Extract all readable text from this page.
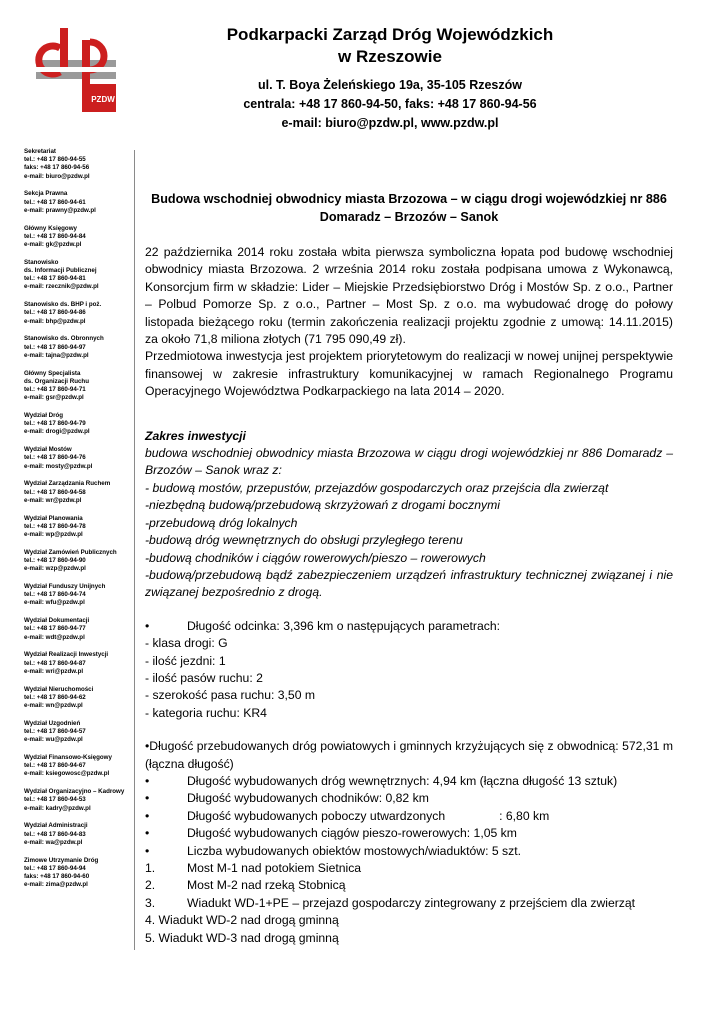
PZDW
Podkarpacki Zarząd Dróg Wojewódzkich
w Rzeszowie
ul. T. Boya Żeleńskiego 19a, 35-105 Rzeszów
centrala: +48 17 860-94-50, faks: +48 17 860-94-56
e-mail: biuro@pzdw.pl, www.pzdw.pl
Sekretariat
tel.: +48 17 860-94-55
faks: +48 17 860-94-56
e-mail: biuro@pzdw.pl
Sekcja Prawna
tel.: +48 17 860-94-61
e-mail: prawny@pzdw.pl
Główny Księgowy
tel.: +48 17 860-94-84
e-mail: gk@pzdw.pl
Stanowisko
ds. Informacji Publicznej
tel.: +48 17 860-94-81
e-mail: rzecznik@pzdw.pl
Stanowisko ds. BHP i poż.
tel.: +48 17 860-94-86
e-mail: bhp@pzdw.pl
Stanowisko ds. Obronnych
tel.: +48 17 860-94-97
e-mail: tajna@pzdw.pl
Główny Specjalista
ds. Organizacji Ruchu
tel.: +48 17 860-94-71
e-mail: gsr@pzdw.pl
Wydział Dróg
tel.: +48 17 860-94-79
e-mail: drogi@pzdw.pl
Wydział Mostów
tel.: +48 17 860-94-76
e-mail: mosty@pzdw.pl
Wydział Zarządzania Ruchem
tel.: +48 17 860-94-58
e-mail: wr@pzdw.pl
Wydział Planowania
tel.: +48 17 860-94-78
e-mail: wp@pzdw.pl
Wydział Zamówień Publicznych
tel.: +48 17 860-94-90
e-mail: wzp@pzdw.pl
Wydział Funduszy Unijnych
tel.: +48 17 860-94-74
e-mail: wfu@pzdw.pl
Wydział Dokumentacji
tel.: +48 17 860-94-77
e-mail: wdt@pzdw.pl
Wydział Realizacji Inwestycji
tel.: +48 17 860-94-87
e-mail: wri@pzdw.pl
Wydział Nieruchomości
tel.: +48 17 860-94-62
e-mail: wn@pzdw.pl
Wydział Uzgodnień
tel.: +48 17 860-94-57
e-mail: wu@pzdw.pl
Wydział Finansowo-Księgowy
tel.: +48 17 860-94-67
e-mail: ksiegowosc@pzdw.pl
Wydział Organizacyjno – Kadrowy
tel.: +48 17 860-94-53
e-mail: kadry@pzdw.pl
Wydział Administracji
tel.: +48 17 860-94-83
e-mail: wa@pzdw.pl
Zimowe Utrzymanie Dróg
tel.: +48 17 860-94-94
faks: +48 17 860-94-60
e-mail: zima@pzdw.pl
Budowa wschodniej obwodnicy miasta Brzozowa – w ciągu drogi wojewódzkiej nr 886 Domaradz – Brzozów – Sanok

22 października 2014 roku została wbita pierwsza symboliczna łopata pod budowę wschodniej obwodnicy miasta Brzozowa. 2 września 2014 roku została podpisana umowa z Wykonawcą, Konsorcjum firm w składzie: Lider – Miejskie Przedsiębiorstwo Dróg i Mostów Sp. z o.o., Partner – Polbud Pomorze Sp. z o.o., Partner – Most Sp. z o.o. ma wybudować drogę do połowy listopada bieżącego roku (termin zakończenia realizacji projektu zgodnie z umową: 14.11.2015) za około 71,8 miliona złotych (71 795 090,49 zł).

Przedmiotowa inwestycja jest projektem priorytetowym do realizacji w nowej unijnej perspektywie finansowej w zakresie infrastruktury komunikacyjnej w ramach Regionalnego Programu Operacyjnego Województwa Podkarpackiego na lata 2014 – 2020.

Zakres inwestycji
budowa wschodniej obwodnicy miasta Brzozowa w ciągu drogi wojewódzkiej nr 886 Domaradz – Brzozów – Sanok wraz z:
- budową mostów, przepustów, przejazdów gospodarczych oraz przejścia dla zwierząt
-niezbędną budową/przebudową skrzyżowań z drogami bocznymi
-przebudową dróg lokalnych
-budową dróg wewnętrznych do obsługi przyległego terenu
-budową chodników i ciągów rowerowych/pieszo – rowerowych
-budową/przebudową bądź zabezpieczeniem urządzeń infrastruktury technicznej związanej i nie związanej bezpośrednio z drogą.
•	Długość odcinka: 3,396 km o następujących parametrach:
- klasa drogi: G
- ilość jezdni: 1
- ilość pasów ruchu: 2
- szerokość pasa ruchu: 3,50 m
- kategoria ruchu: KR4
•Długość przebudowanych dróg powiatowych i gminnych krzyżujących się z obwodnicą: 572,31 m (łączna długość)
•	Długość wybudowanych dróg wewnętrznych: 4,94 km (łączna długość 13 sztuk)
•	Długość wybudowanych chodników: 0,82 km
•	Długość wybudowanych poboczy utwardzonych	: 6,80 km
•	Długość wybudowanych ciągów pieszo-rowerowych: 1,05 km
•	Liczba wybudowanych obiektów mostowych/wiaduktów: 5 szt.
1.	Most M-1 nad potokiem Sietnica
2.	Most M-2 nad rzeką Stobnicą
3.	Wiadukt WD-1+PE – przejazd gospodarczy zintegrowany z przejściem dla zwierząt
4. Wiadukt WD-2 nad drogą gminną
5. Wiadukt WD-3 nad drogą gminną
